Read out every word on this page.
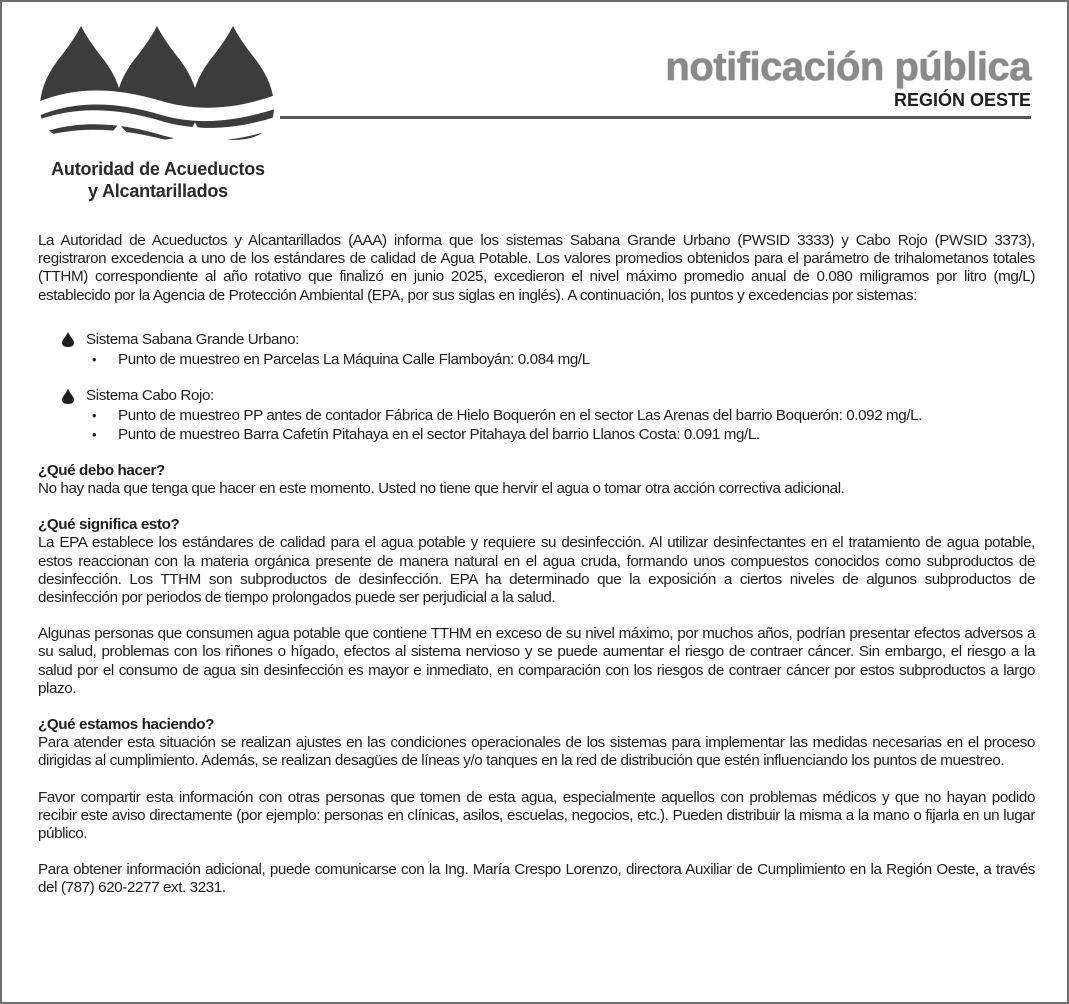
Autoridad de Acueductos
y Alcantarillados
notificación pública
REGIÓN OESTE

La Autoridad de Acueductos y Alcantarillados (AAA) informa que los sistemas Sabana Grande Urbano (PWSID 3333) y Cabo Rojo (PWSID 3373), registraron excedencia a uno de los estándares de calidad de Agua Potable. Los valores promedios obtenidos para el parámetro de trihalometanos totales (TTHM) correspondiente al año rotativo que finalizó en junio 2025, excedieron el nivel máximo promedio anual de 0.080 miligramos por litro (mg/L) establecido por la Agencia de Protección Ambiental (EPA, por sus siglas en inglés). A continuación, los puntos y excedencias por sistemas:

Sistema Sabana Grande Urbano:
• Punto de muestreo en Parcelas La Máquina Calle Flamboyán: 0.084 mg/L
Sistema Cabo Rojo:
• Punto de muestreo PP antes de contador Fábrica de Hielo Boquerón en el sector Las Arenas del barrio Boquerón: 0.092 mg/L.
• Punto de muestreo Barra Cafetín Pitahaya en el sector Pitahaya del barrio Llanos Costa: 0.091 mg/L.

¿Qué debo hacer?

No hay nada que tenga que hacer en este momento. Usted no tiene que hervir el agua o tomar otra acción correctiva adicional.

¿Qué significa esto?

La EPA establece los estándares de calidad para el agua potable y requiere su desinfección. Al utilizar desinfectantes en el tratamiento de agua potable, estos reaccionan con la materia orgánica presente de manera natural en el agua cruda, formando unos compuestos conocidos como subproductos de desinfección. Los TTHM son subproductos de desinfección. EPA ha determinado que la exposición a ciertos niveles de algunos subproductos de desinfección por periodos de tiempo prolongados puede ser perjudicial a la salud.

Algunas personas que consumen agua potable que contiene TTHM en exceso de su nivel máximo, por muchos años, podrían presentar efectos adversos a su salud, problemas con los riñones o hígado, efectos al sistema nervioso y se puede aumentar el riesgo de contraer cáncer. Sin embargo, el riesgo a la salud por el consumo de agua sin desinfección es mayor e inmediato, en comparación con los riesgos de contraer cáncer por estos subproductos a largo plazo.

¿Qué estamos haciendo?

Para atender esta situación se realizan ajustes en las condiciones operacionales de los sistemas para implementar las medidas necesarias en el proceso dirigidas al cumplimiento. Además, se realizan desagües de líneas y/o tanques en la red de distribución que estén influenciando los puntos de muestreo.

Favor compartir esta información con otras personas que tomen de esta agua, especialmente aquellos con problemas médicos y que no hayan podido recibir este aviso directamente (por ejemplo: personas en clínicas, asilos, escuelas, negocios, etc.). Pueden distribuir la misma a la mano o fijarla en un lugar público.

Para obtener información adicional, puede comunicarse con la Ing. María Crespo Lorenzo, directora Auxiliar de Cumplimiento en la Región Oeste, a través del (787) 620-2277 ext. 3231.
